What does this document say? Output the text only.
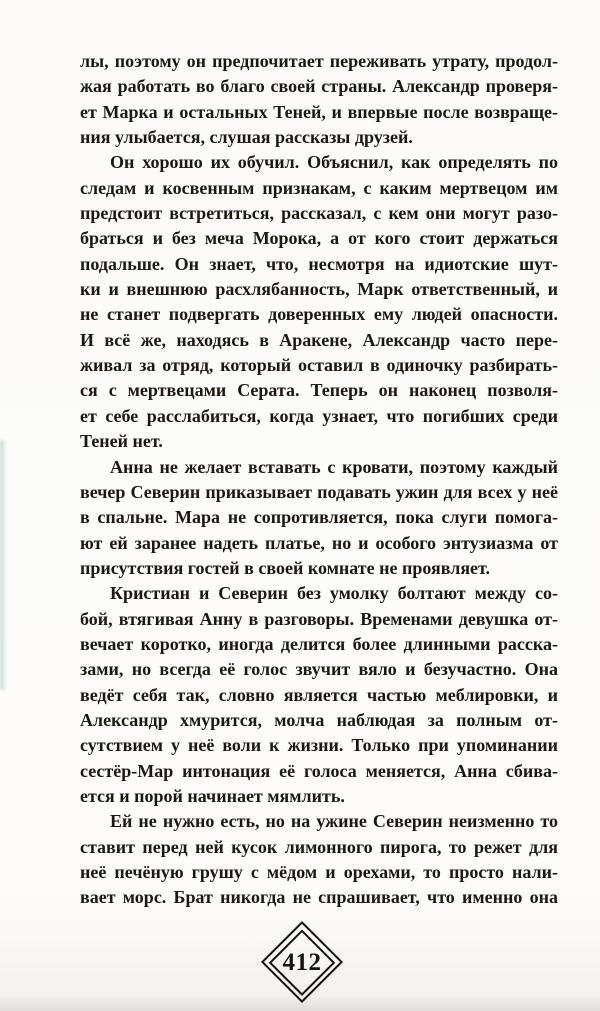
лы, поэтому он предпочитает переживать утрату, продол-
жая работать во благо своей страны. Александр проверя-
ет Марка и остальных Теней, и впервые после возвраще-
ния улыбается, слушая рассказы друзей.
Он хорошо их обучил. Объяснил, как определять по
следам и косвенным признакам, с каким мертвецом им
предстоит встретиться, рассказал, с кем они могут разо-
браться и без меча Морока, а от кого стоит держаться
подальше. Он знает, что, несмотря на идиотские шут-
ки и внешнюю расхлябанность, Марк ответственный, и
не станет подвергать доверенных ему людей опасности.
И всё же, находясь в Аракене, Александр часто пере-
живал за отряд, который оставил в одиночку разбирать-
ся с мертвецами Серата. Теперь он наконец позволя-
ет себе расслабиться, когда узнает, что погибших среди
Теней нет.
Анна не желает вставать с кровати, поэтому каждый
вечер Северин приказывает подавать ужин для всех у неё
в спальне. Мара не сопротивляется, пока слуги помога-
ют ей заранее надеть платье, но и особого энтузиазма от
присутствия гостей в своей комнате не проявляет.
Кристиан и Северин без умолку болтают между со-
бой, втягивая Анну в разговоры. Временами девушка от-
вечает коротко, иногда делится более длинными расска-
зами, но всегда её голос звучит вяло и безучастно. Она
ведёт себя так, словно является частью меблировки, и
Александр хмурится, молча наблюдая за полным от-
сутствием у неё воли к жизни. Только при упоминании
сестёр-Мар интонация её голоса меняется, Анна сбива-
ется и порой начинает мямлить.
Ей не нужно есть, но на ужине Северин неизменно то
ставит перед ней кусок лимонного пирога, то режет для
неё печёную грушу с мёдом и орехами, то просто нали-
вает морс. Брат никогда не спрашивает, что именно она
412
